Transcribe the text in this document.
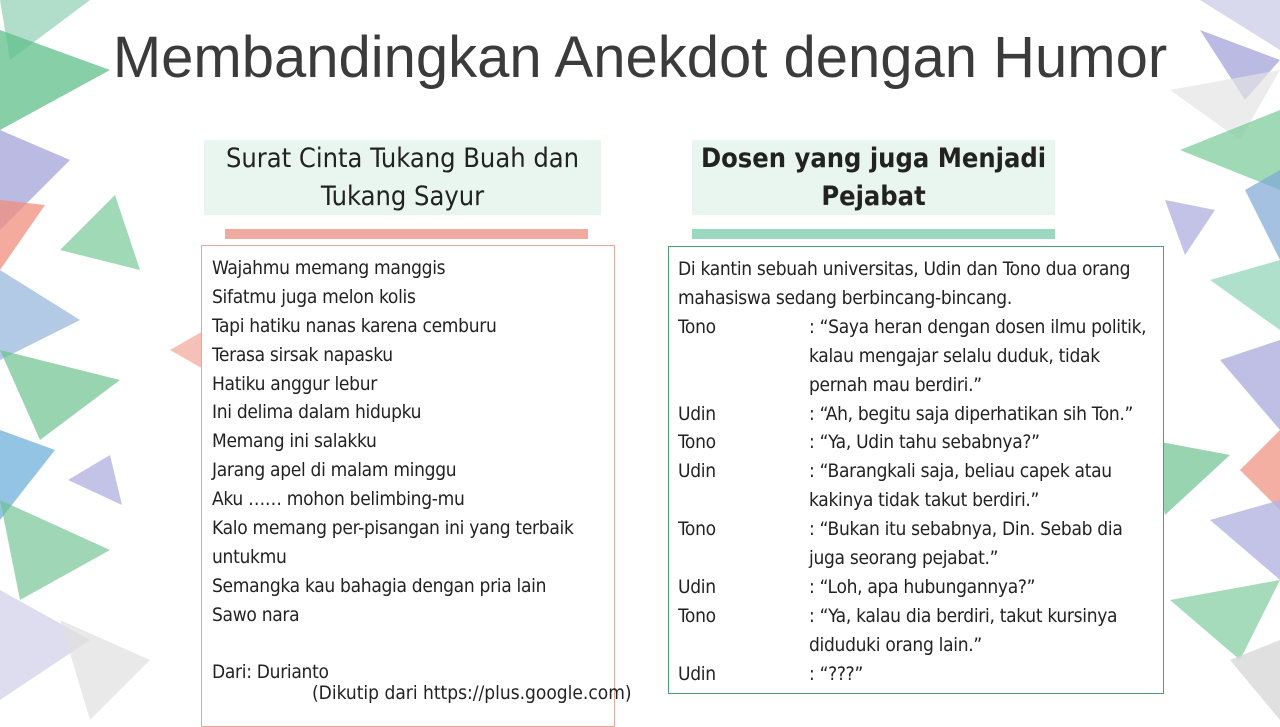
Membandingkan Anekdot dengan Humor
Surat Cinta Tukang Buah dan Tukang Sayur
Dosen yang juga Menjadi Pejabat
Wajahmu memang manggis
Sifatmu juga melon kolis
Tapi hatiku nanas karena cemburu
Terasa sirsak napasku
Hatiku anggur lebur
Ini delima dalam hidupku
Memang ini salakku
Jarang apel di malam minggu
Aku …… mohon belimbing-mu
Kalo memang per-pisangan ini yang terbaik
untukmu
Semangka kau bahagia dengan pria lain
Sawo nara
Dari: Durianto
(Dikutip dari https://plus.google.com)
Di kantin sebuah universitas, Udin dan Tono dua orang mahasiswa sedang berbincang-bincang.
Tono	: “Saya heran dengan dosen ilmu politik, kalau mengajar selalu duduk, tidak pernah mau berdiri.”
Udin	: “Ah, begitu saja diperhatikan sih Ton.”
Tono	: “Ya, Udin tahu sebabnya?”
Udin	: “Barangkali saja, beliau capek atau kakinya tidak takut berdiri.”
Tono	: “Bukan itu sebabnya, Din. Sebab dia juga seorang pejabat.”
Udin	: “Loh, apa hubungannya?”
Tono	: “Ya, kalau dia berdiri, takut kursinya diduduki orang lain.”
Udin	: “???”
